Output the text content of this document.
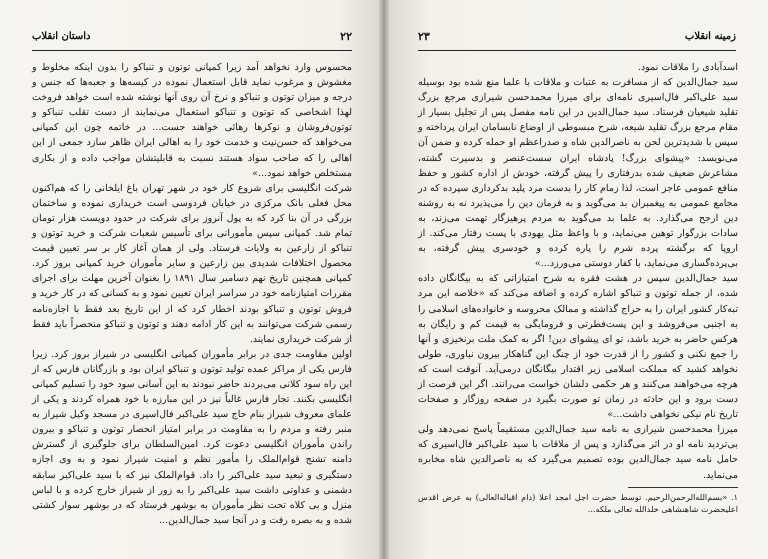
۲۲
داستان انقلاب

محسوس وارد نخواهد آمد زیرا کمپانی توتون و تنباکو را بدون اینکه مخلوط و مغشوش و مرغوب نماید قابل استعمال نموده در کیسه‌ها و جعبه‌ها که جنس و درجه و میزان توتون و تنباکو و نرخ آن روی آنها نوشته شده است خواهد فروخت لهذا اشخاصی که توتون و تنباکو استعمال می‌نمایند از دست تقلب تنباکو و توتون‌فروشان و نوکرها رهائی خواهند جست... در خاتمه چون این کمپانی می‌خواهد که حسن‌نیت و خدمت خود را به اهالی ایران ظاهر سازد جمعی از این اهالی را که صاحب سواد هستند نسبت به قابلیتشان مواجب داده و از بکاری مستخلص خواهد نمود...»

شرکت انگلیسی برای شروع کار خود در شهر تهران باغ ایلخانی را که هم‌اکنون محل فعلی بانک مرکزی در خیابان فردوسی است خریداری نموده و ساختمان بزرگی در آن بنا کرد که به پول آنروز برای شرکت در حدود دویست هزار تومان تمام شد. کمپانی سپس مأمورانی برای تأسیس شعبات شرکت و خرید توتون و تنباکو از زارعین به ولایات فرستاد. ولی از همان آغاز کار بر سر تعیین قیمت محصول اختلافات شدیدی بین زارعین و سایر مأموران خرید کمپانی بروز کرد. کمپانی همچنین تاریخ نهم دسامبر سال ۱۸۹۱ را بعنوان آخرین مهلت برای اجرای مقررات امتیازنامه خود در سراسر ایران تعیین نمود و به کسانی که در کار خرید و فروش توتون و تنباکو بودند اخطار کرد که از این تاریخ بعد فقط با اجازه‌نامه رسمی شرکت می‌توانند به این کار ادامه دهند و توتون و تنباکو منحصراً باید فقط از شرکت خریداری نمایند.

اولین مقاومت جدی در برابر مأموران کمپانی انگلیسی در شیراز بروز کرد. زیرا فارس یکی از مراکز عمده تولید توتون و تنباکو ایران بود و بازرگانان فارس که از این راه سود کلانی می‌بردند حاضر نبودند به این آسانی سود خود را تسلیم کمپانی انگلیسی بکنند. تجار فارس غالباً نیز در این مبارزه با خود همراه کردند و یکی از علمای معروف شیراز بنام حاج سید علی‌اکبر فال‌اسیری در مسجد وکیل شیراز به منبر رفته و مردم را به مقاومت در برابر امتیاز انحصار توتون و تنباکو و بیرون راندن مأموران انگلیسی دعوت کرد. امین‌السلطان برای جلوگیری از گسترش دامنه تشنج قوام‌الملک را مأمور نظم و امنیت شیراز نمود و به وی اجازه دستگیری و تبعید سید علی‌اکبر را داد. قوام‌الملک نیز که با سید علی‌اکبر سابقه دشمنی و عداوتی داشت سید علی‌اکبر را به زور از شیراز خارج کرده و با لباس منزل و بی کلاه تحت نظر مأموران به بوشهر فرستاد که در بوشهر سوار کشتی شده و به بصره رفت و در آنجا سید جمال‌الدین...

۲۳	زمینه انقلاب

اسدآبادی را ملاقات نمود.

سید جمال‌الدین که از مسافرت به عتبات و ملاقات با علما منع شده بود بوسیله سید علی‌اکبر فال‌اسیری نامه‌ای برای میرزا محمدحسن شیرازی مرجع بزرگ تقلید شیعیان فرستاد. سید جمال‌الدین در این نامه مفصل پس از تجلیل بسیار از مقام مرجع بزرگ تقلید شیعه، شرح مبسوطی از اوضاع نابسامان ایران پرداخته و سپس با شدیدترین لحن به ناصرالدین شاه و صدراعظم او حمله کرده و ضمن آن می‌نویسد: «پیشوای بزرگ! پادشاه ایران سست‌عنصر و بدسیرت گشته، مشاعرش ضعیف شده بدرفتاری را پیش گرفته، خودش از اداره کشور و حفظ منافع عمومی عاجز است، لذا زمام کار را بدست مرد پلید بدکرداری سپرده که در مجامع عمومی به پیغمبران بد می‌گوید و به فرمان دین را می‌پذیرد نه به روشنه دین ارجح می‌گذارد. به علما بد می‌گوید به مردم پرهیزگار تهمت می‌زند، به سادات بزرگوار توهین می‌نماید، و با واعظ مثل یهودی با پست رفتار می‌کند. از اروپا که برگشته پرده شرم را پاره کرده و خودسری پیش گرفته، به بی‌پرده‌گساری می‌نماید، با کفار دوستی می‌ورزد...»

سید جمال‌الدین سپس در هشت فقره به شرح امتیازاتی که به بیگانگان داده شده، از جمله توتون و تنباکو اشاره کرده و اضافه می‌کند که «خلاصه این مرد تبه‌کار کشور ایران را به حراج گذاشته و ممالک محروسه و خانواده‌های اسلامی را به اجنبی می‌فروشد و این پست‌فطرتی و فرومایگی به قیمت کم و رایگان به هرکس حاضر به خرید باشد، تو ای پیشوای دین! اگر به کمک ملت برنخیزی و آنها را جمع نکنی و کشور را از قدرت خود از چنگ این گناهکار بیرون نیاوری، طولی نخواهد کشید که مملکت اسلامی زیر اقتدار بیگانگان درمی‌آید. آنوقت است که هرچه می‌خواهند می‌کنند و هر حکمی دلشان خواست می‌رانند. اگر این فرصت از دست برود و این حادثه در زمان تو صورت بگیرد در صفحه روزگار و صفحات تاریخ نام نیکی نخواهی داشت...»

میرزا محمدحسن شیرازی به نامه سید جمال‌الدین مستقیماً پاسخ نمی‌دهد ولی بی‌تردید نامه او در اثر می‌گذارد و پس از ملاقات با سید علی‌اکبر فال‌اسیری که حامل نامه سید جمال‌الدین بوده تصمیم می‌گیرد که به ناصرالدین شاه مخابره می‌نماید.

۱. «بسم‌الله‌الرحمن‌الرحیم. توسط حضرت اجل امجد اعلا (دام اقباله‌العالی) به عرض اقدس اعلیحضرت شاهنشاهی خلدالله تعالی ملکه...
